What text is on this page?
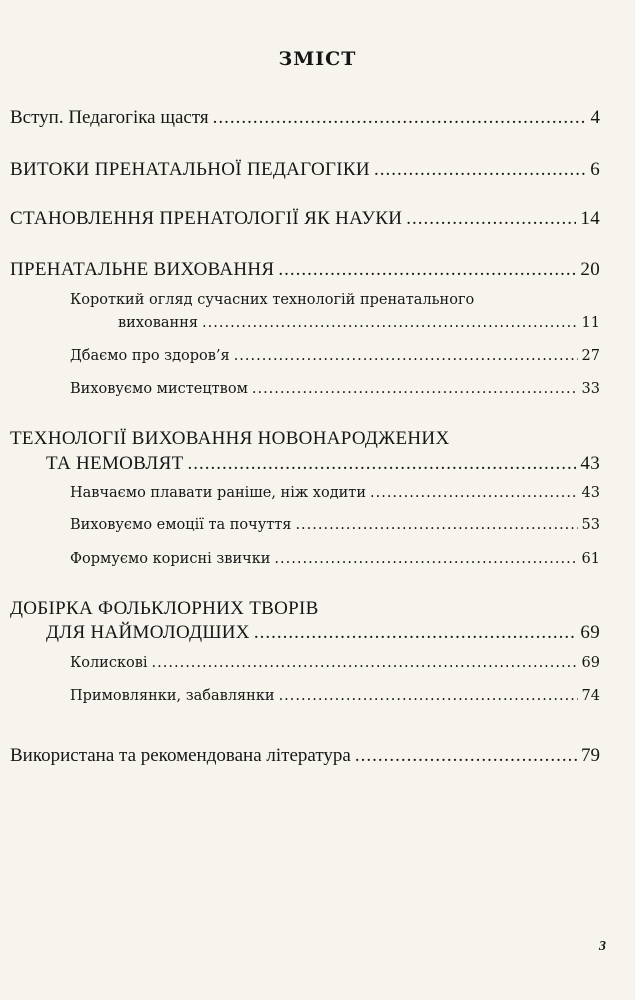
ЗМІСТ
Вступ. Педагогіка щастя .....	4
ВИТОКИ ПРЕНАТАЛЬНОЇ ПЕДАГОГІКИ .....	6
СТАНОВЛЕННЯ ПРЕНАТОЛОГІЇ ЯК НАУКИ .....	14
ПРЕНАТАЛЬНЕ ВИХОВАННЯ .....	20
Короткий огляд сучасних технологій пренатального
виховання .....	11
Дбаємо про здоров’я .....	27
Виховуємо мистецтвом .....	33
ТЕХНОЛОГІЇ ВИХОВАННЯ НОВОНАРОДЖЕНИХ
ТА НЕМОВЛЯТ .....	43
Навчаємо плавати раніше, ніж ходити .....	43
Виховуємо емоції та почуття .....	53
Формуємо корисні звички .....	61
ДОБІРКА ФОЛЬКЛОРНИХ ТВОРІВ
ДЛЯ НАЙМОЛОДШИХ .....	69
Колискові .....	69
Примовлянки, забавлянки .....	74
Використана та рекомендована література .....	79
3
